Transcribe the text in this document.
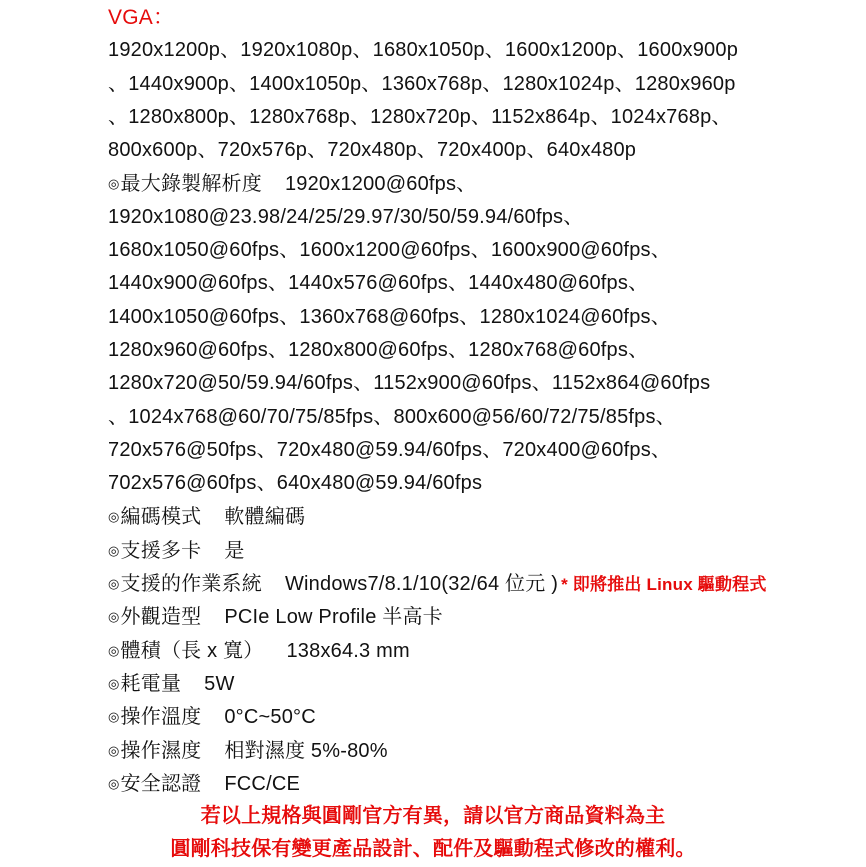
VGA：
1920x1200p、1920x1080p、1680x1050p、1600x1200p、1600x900p
、1440x900p、1400x1050p、1360x768p、1280x1024p、1280x960p
、1280x800p、1280x768p、1280x720p、1152x864p、1024x768p、
800x600p、720x576p、720x480p、720x400p、640x480p
◎最大錄製解析度 1920x1200@60fps、
1920x1080@23.98/24/25/29.97/30/50/59.94/60fps、
1680x1050@60fps、1600x1200@60fps、1600x900@60fps、
1440x900@60fps、1440x576@60fps、1440x480@60fps、
1400x1050@60fps、1360x768@60fps、1280x1024@60fps、
1280x960@60fps、1280x800@60fps、1280x768@60fps、
1280x720@50/59.94/60fps、1152x900@60fps、1152x864@60fps
、1024x768@60/70/75/85fps、800x600@56/60/72/75/85fps、
720x576@50fps、720x480@59.94/60fps、720x400@60fps、
702x576@60fps、640x480@59.94/60fps
◎編碼模式 軟體編碼
◎支援多卡 是
◎支援的作業系統 Windows7/8.1/10(32/64 位元 ) * 即將推出 Linux 驅動程式
◎外觀造型 PCIe Low Profile 半高卡
◎體積（長 x 寬） 138x64.3 mm
◎耗電量 5W
◎操作溫度 0°C~50°C
◎操作濕度 相對濕度 5%-80%
◎安全認證 FCC/CE
若以上規格與圓剛官方有異，請以官方商品資料為主
圓剛科技保有變更產品設計、配件及驅動程式修改的權利。
